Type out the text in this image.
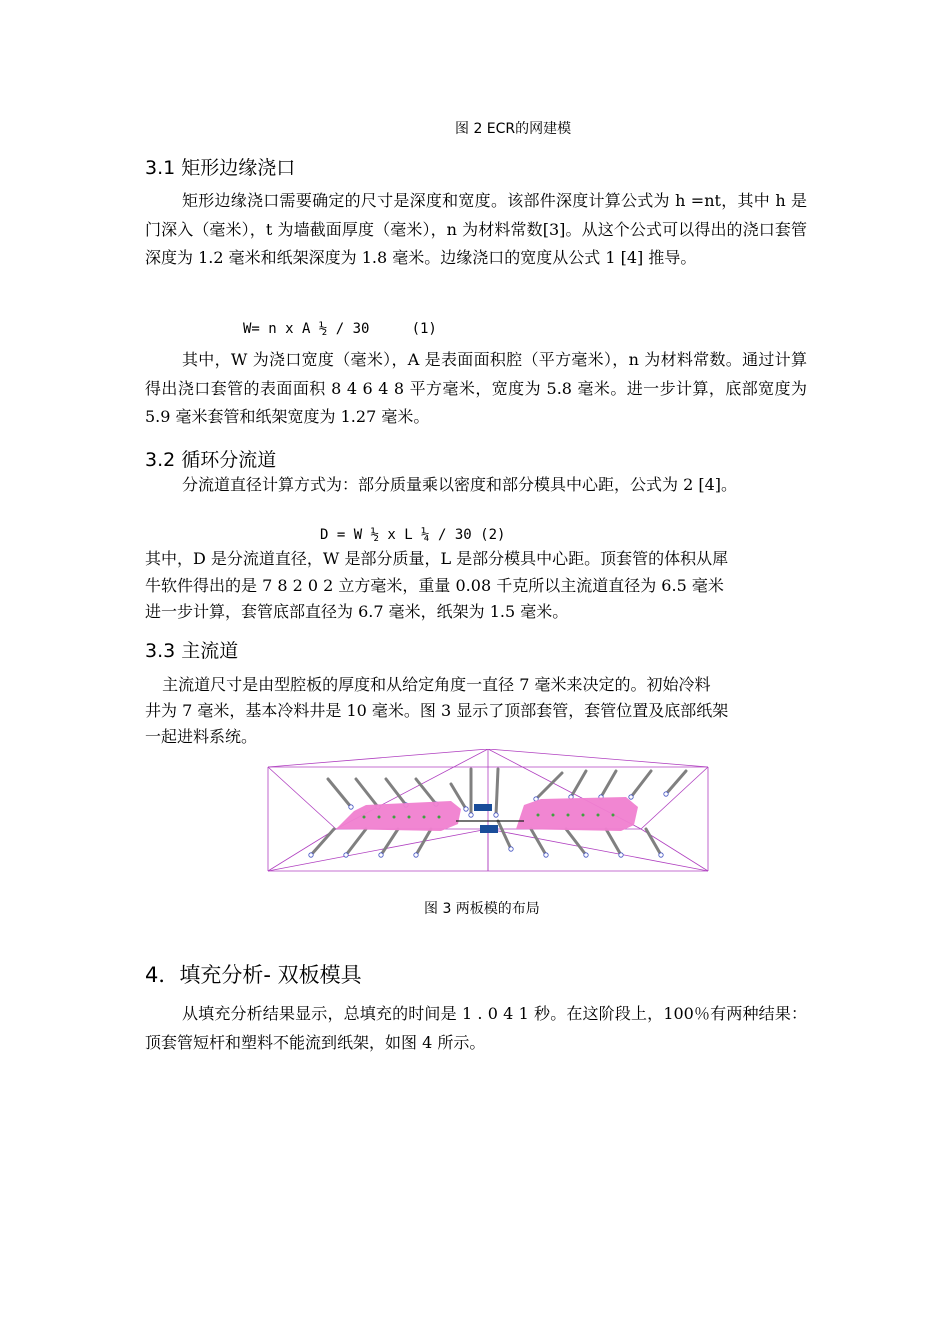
图 2 ECR的网建模
3.1 矩形边缘浇口
矩形边缘浇口需要确定的尺寸是深度和宽度。该部件深度计算公式为 h =nt，其中 h 是门深入（毫米），t 为墙截面厚度（毫米），n 为材料常数[3]。从这个公式可以得出的浇口套管深度为 1.2 毫米和纸架深度为 1.8 毫米。边缘浇口的宽度从公式 1 [4] 推导。
W= n x A ½ / 30     (1)
其中，W 为浇口宽度（毫米），A 是表面面积腔（平方毫米），n 为材料常数。通过计算得出浇口套管的表面面积 8 4 6 4 8 平方毫米，宽度为 5.8 毫米。进一步计算，底部宽度为 5.9 毫米套管和纸架宽度为 1.27 毫米。
3.2 循环分流道
分流道直径计算方式为：部分质量乘以密度和部分模具中心距，公式为 2 [4]。
D = W ½ x L ¼ / 30 (2)
其中，D 是分流道直径，W 是部分质量，L 是部分模具中心距。顶套管的体积从犀
牛软件得出的是 7 8 2 0 2 立方毫米，重量 0.08 千克所以主流道直径为 6.5 毫米
进一步计算，套管底部直径为 6.7 毫米，纸架为 1.5 毫米。
3.3 主流道
主流道尺寸是由型腔板的厚度和从给定角度一直径 7 毫米来决定的。初始冷料
井为 7 毫米，基本冷料井是 10 毫米。图 3 显示了顶部套管，套管位置及底部纸架
一起进料系统。
图 3 两板模的布局
4．填充分析- 双板模具
从填充分析结果显示，总填充的时间是 1 . 0 4 1 秒。在这阶段上，100％有两种结果：顶套管短杆和塑料不能流到纸架，如图 4 所示。
